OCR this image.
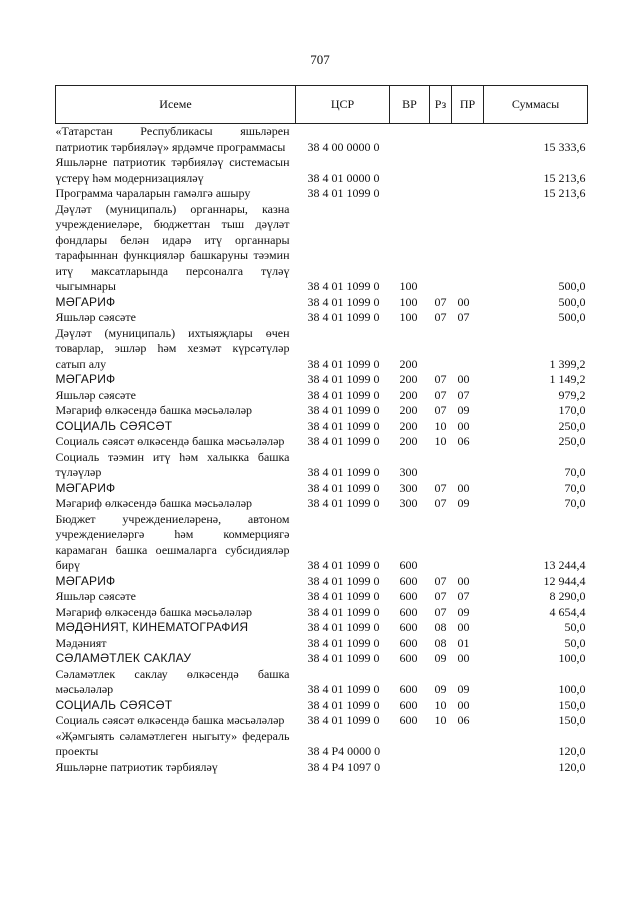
707
Исеме	ЦСР	ВР	Рз	ПР	Суммасы
«Татарстан Республикасы яшьләрен патриотик тәрбияләү» ярдәмче программасы	38 4 00 0000 0				15 333,6
Яшьләрне патриотик тәрбияләү системасын үстерү һәм модернизацияләү	38 4 01 0000 0				15 213,6
Программа чараларын гамәлгә ашыру	38 4 01 1099 0				15 213,6
Дәүләт (муниципаль) органнары, казна учреждениеләре, бюджеттан тыш дәүләт фондлары белән идарә итү органнары тарафыннан функцияләр башкаруны тәэмин итү максатларында персоналга түләү чыгымнары	38 4 01 1099 0	100			500,0
МӘГАРИФ	38 4 01 1099 0	100	07	00	500,0
Яшьләр сәясәте	38 4 01 1099 0	100	07	07	500,0
Дәүләт (муниципаль) ихтыяҗлары өчен товарлар, эшләр һәм хезмәт күрсәтүләр сатып алу	38 4 01 1099 0	200			1 399,2
МӘГАРИФ	38 4 01 1099 0	200	07	00	1 149,2
Яшьләр сәясәте	38 4 01 1099 0	200	07	07	979,2
Мәгариф өлкәсендә башка мәсьәләләр	38 4 01 1099 0	200	07	09	170,0
СОЦИАЛЬ СӘЯСӘТ	38 4 01 1099 0	200	10	00	250,0
Социаль сәясәт өлкәсендә башка мәсьәләләр	38 4 01 1099 0	200	10	06	250,0
Социаль тәэмин итү һәм халыкка башка түләүләр	38 4 01 1099 0	300			70,0
МӘГАРИФ	38 4 01 1099 0	300	07	00	70,0
Мәгариф өлкәсендә башка мәсьәләләр	38 4 01 1099 0	300	07	09	70,0
Бюджет учреждениеләренә, автоном учреждениеләргә һәм коммерциягә карамаган башка оешмаларга субсидияләр бирү	38 4 01 1099 0	600			13 244,4
МӘГАРИФ	38 4 01 1099 0	600	07	00	12 944,4
Яшьләр сәясәте	38 4 01 1099 0	600	07	07	8 290,0
Мәгариф өлкәсендә башка мәсьәләләр	38 4 01 1099 0	600	07	09	4 654,4
МӘДӘНИЯТ, КИНЕМАТОГРАФИЯ	38 4 01 1099 0	600	08	00	50,0
Мәдәният	38 4 01 1099 0	600	08	01	50,0
СӘЛАМӘТЛЕК САКЛАУ	38 4 01 1099 0	600	09	00	100,0
Сәламәтлек саклау өлкәсендә башка мәсьәләләр	38 4 01 1099 0	600	09	09	100,0
СОЦИАЛЬ СӘЯСӘТ	38 4 01 1099 0	600	10	00	150,0
Социаль сәясәт өлкәсендә башка мәсьәләләр	38 4 01 1099 0	600	10	06	150,0
«Җәмгыять сәламәтлеген ныгыту» федераль проекты	38 4 Р4 0000 0				120,0
Яшьләрне патриотик тәрбияләү	38 4 Р4 1097 0				120,0
